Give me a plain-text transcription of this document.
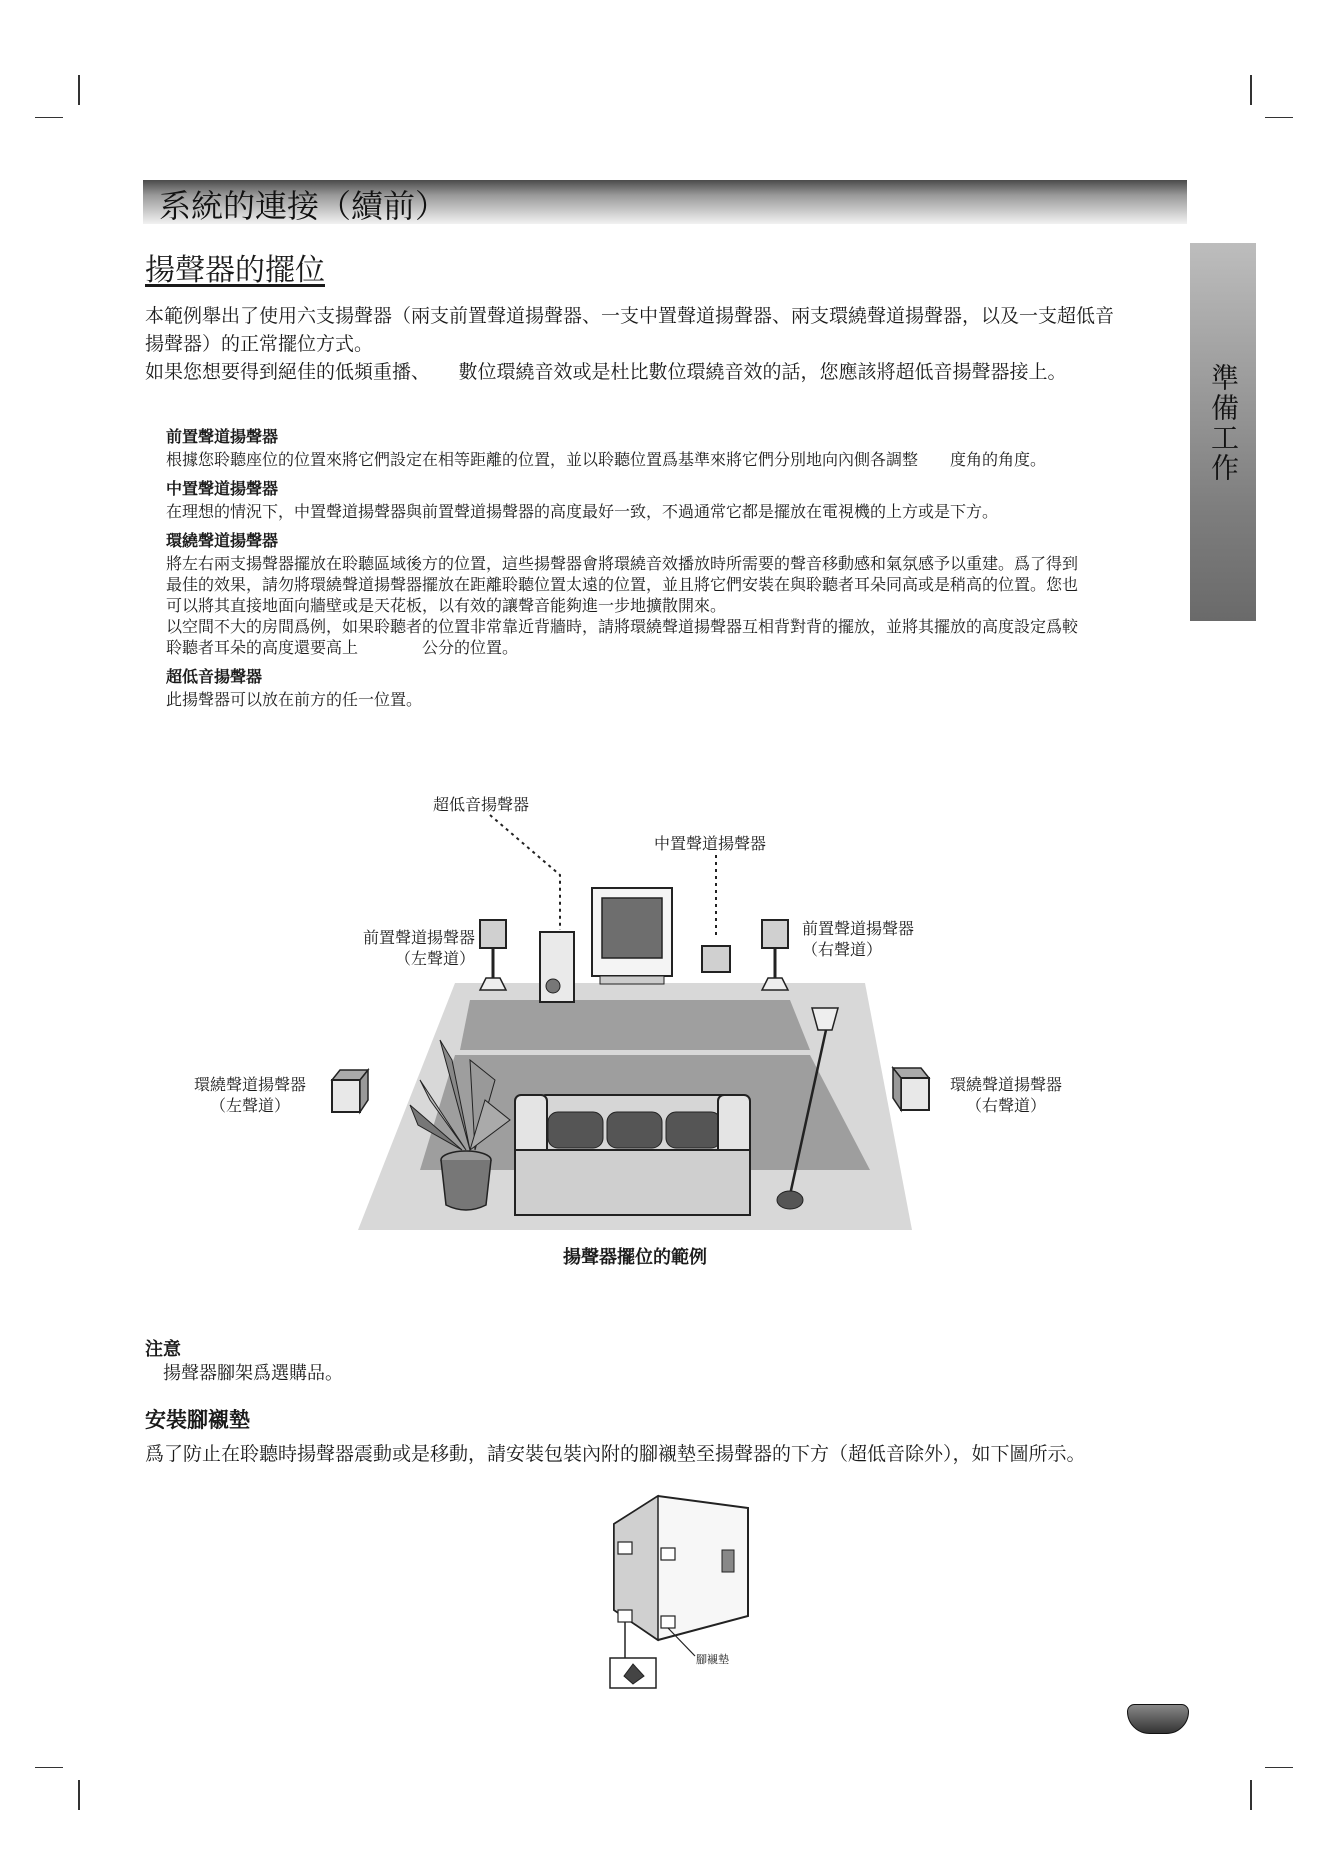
系統的連接（續前）
準備工作
揚聲器的擺位
本範例舉出了使用六支揚聲器（兩支前置聲道揚聲器、一支中置聲道揚聲器、兩支環繞聲道揚聲器，以及一支超低音
揚聲器）的正常擺位方式。
如果您想要得到絕佳的低頻重播、　　數位環繞音效或是杜比數位環繞音效的話，您應該將超低音揚聲器接上。
前置聲道揚聲器
根據您聆聽座位的位置來將它們設定在相等距離的位置，並以聆聽位置爲基準來將它們分別地向內側各調整　　度角的角度。
中置聲道揚聲器
在理想的情況下，中置聲道揚聲器與前置聲道揚聲器的高度最好一致，不過通常它都是擺放在電視機的上方或是下方。
環繞聲道揚聲器
將左右兩支揚聲器擺放在聆聽區域後方的位置，這些揚聲器會將環繞音效播放時所需要的聲音移動感和氣氛感予以重建。爲了得到
最佳的效果，請勿將環繞聲道揚聲器擺放在距離聆聽位置太遠的位置，並且將它們安裝在與聆聽者耳朵同高或是稍高的位置。您也
可以將其直接地面向牆壁或是天花板，以有效的讓聲音能夠進一步地擴散開來。
以空間不大的房間爲例，如果聆聽者的位置非常靠近背牆時，請將環繞聲道揚聲器互相背對背的擺放，並將其擺放的高度設定爲較
聆聽者耳朵的高度還要高上　　　　公分的位置。
超低音揚聲器
此揚聲器可以放在前方的任一位置。
超低音揚聲器
中置聲道揚聲器
前置聲道揚聲器
（左聲道）
前置聲道揚聲器
（右聲道）
環繞聲道揚聲器
（左聲道）
環繞聲道揚聲器
（右聲道）
揚聲器擺位的範例
注意
揚聲器腳架爲選購品。
安裝腳襯墊
爲了防止在聆聽時揚聲器震動或是移動，請安裝包裝內附的腳襯墊至揚聲器的下方（超低音除外），如下圖所示。
腳襯墊
